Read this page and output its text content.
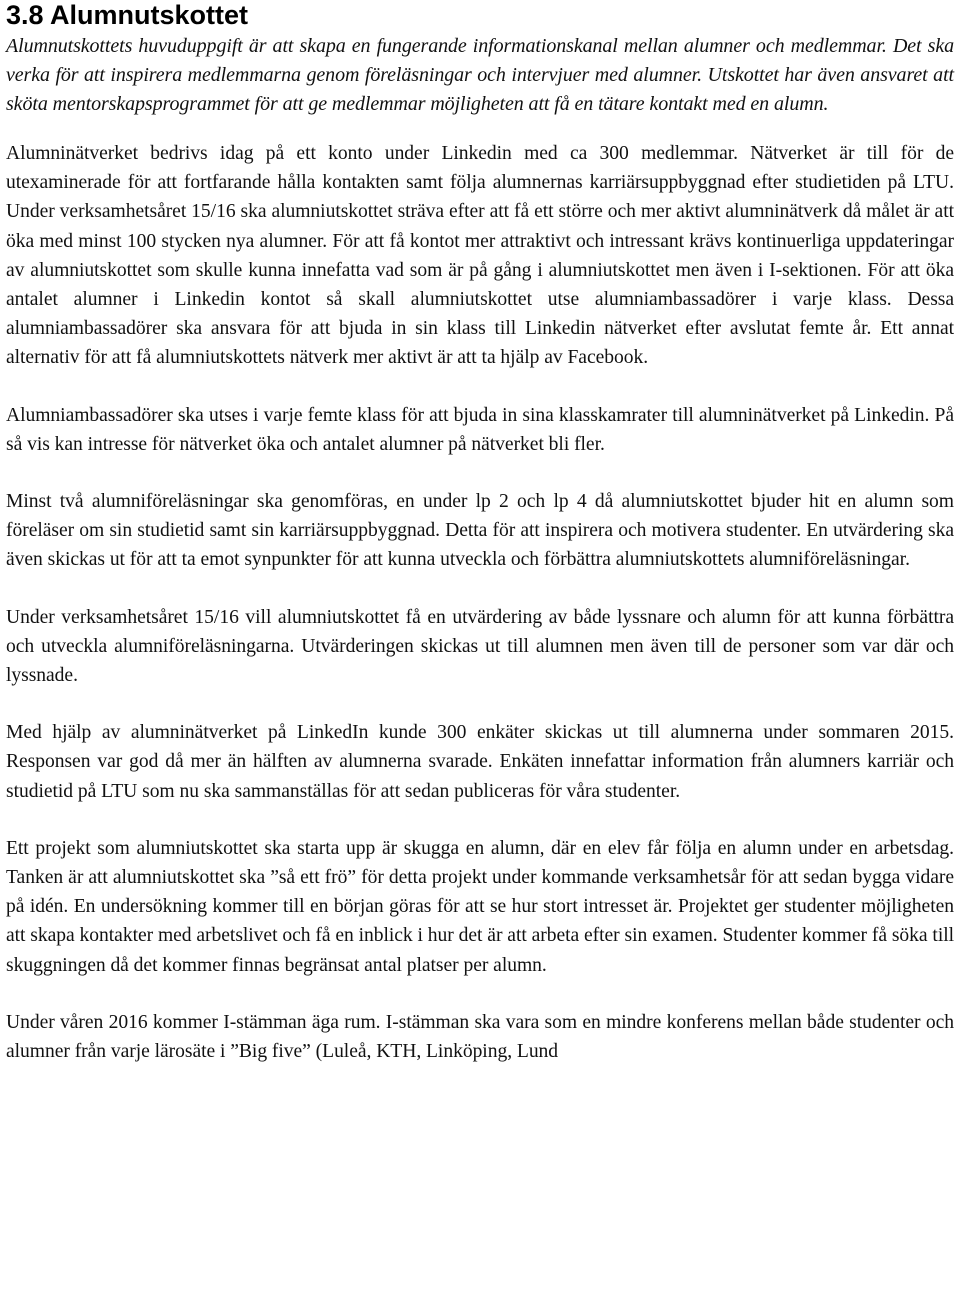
3.8 Alumnutskottet

Alumnutskottets huvuduppgift är att skapa en fungerande informationskanal mellan alumner och medlemmar. Det ska verka för att inspirera medlemmarna genom föreläsningar och intervjuer med alumner. Utskottet har även ansvaret att sköta mentorskapsprogrammet för att ge medlemmar möjligheten att få en tätare kontakt med en alumn.

Alumninätverket bedrivs idag på ett konto under Linkedin med ca 300 medlemmar. Nätverket är till för de utexaminerade för att fortfarande hålla kontakten samt följa alumnernas karriärsuppbyggnad efter studietiden på LTU. Under verksamhetsåret 15/16 ska alumniutskottet sträva efter att få ett större och mer aktivt alumninätverk då målet är att öka med minst 100 stycken nya alumner. För att få kontot mer attraktivt och intressant krävs kontinuerliga uppdateringar av alumniutskottet som skulle kunna innefatta vad som är på gång i alumniutskottet men även i I-sektionen. För att öka antalet alumner i Linkedin kontot så skall alumniutskottet utse alumniambassadörer i varje klass. Dessa alumniambassadörer ska ansvara för att bjuda in sin klass till Linkedin nätverket efter avslutat femte år. Ett annat alternativ för att få alumniutskottets nätverk mer aktivt är att ta hjälp av Facebook.

Alumniambassadörer ska utses i varje femte klass för att bjuda in sina klasskamrater till alumninätverket på Linkedin. På så vis kan intresse för nätverket öka och antalet alumner på nätverket bli fler.

Minst två alumniföreläsningar ska genomföras, en under lp 2 och lp 4 då alumniutskottet bjuder hit en alumn som föreläser om sin studietid samt sin karriärsuppbyggnad. Detta för att inspirera och motivera studenter. En utvärdering ska även skickas ut för att ta emot synpunkter för att kunna utveckla och förbättra alumniutskottets alumniföreläsningar.

Under verksamhetsåret 15/16 vill alumniutskottet få en utvärdering av både lyssnare och alumn för att kunna förbättra och utveckla alumniföreläsningarna. Utvärderingen skickas ut till alumnen men även till de personer som var där och lyssnade.

Med hjälp av alumninätverket på LinkedIn kunde 300 enkäter skickas ut till alumnerna under sommaren 2015. Responsen var god då mer än hälften av alumnerna svarade. Enkäten innefattar information från alumners karriär och studietid på LTU som nu ska sammanställas för att sedan publiceras för våra studenter.

Ett projekt som alumniutskottet ska starta upp är skugga en alumn, där en elev får följa en alumn under en arbetsdag. Tanken är att alumniutskottet ska ”så ett frö” för detta projekt under kommande verksamhetsår för att sedan bygga vidare på idén. En undersökning kommer till en början göras för att se hur stort intresset är. Projektet ger studenter möjligheten att skapa kontakter med arbetslivet och få en inblick i hur det är att arbeta efter sin examen. Studenter kommer få söka till skuggningen då det kommer finnas begränsat antal platser per alumn.

Under våren 2016 kommer I-stämman äga rum. I-stämman ska vara som en mindre konferens mellan både studenter och alumner från varje lärosäte i ”Big five” (Luleå, KTH, Linköping, Lund
